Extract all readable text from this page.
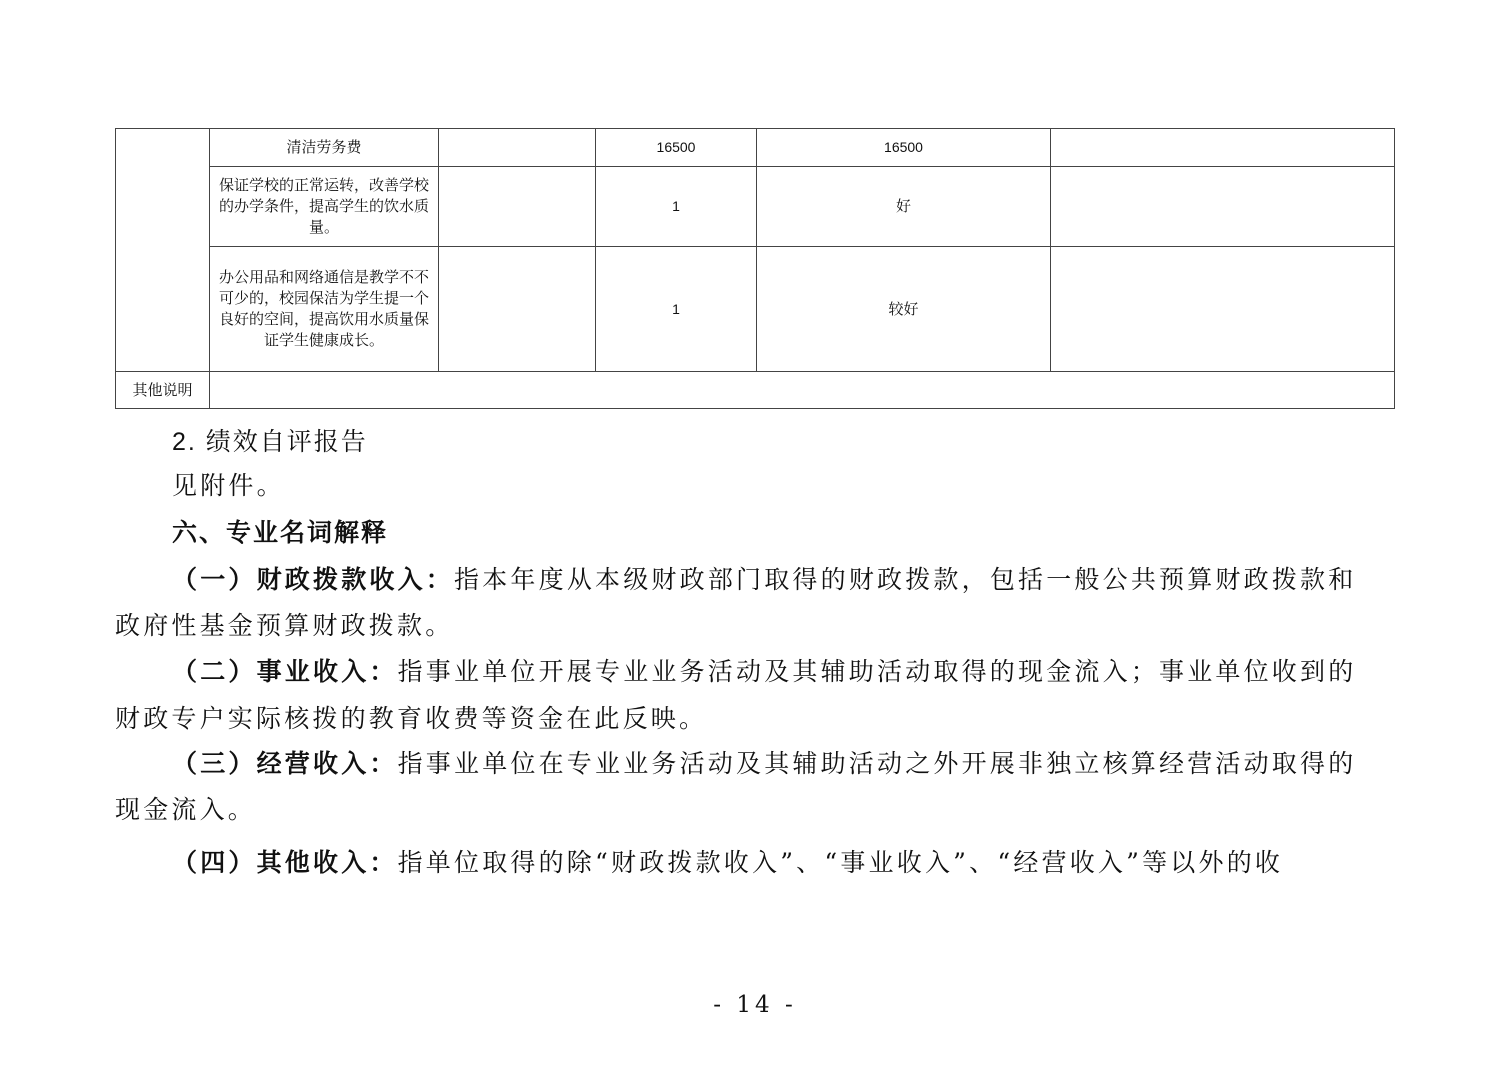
	清洁劳务费		16500	16500	
	保证学校的正常运转，改善学校的办学条件，提高学生的饮水质量。		1	好	
	办公用品和网络通信是教学不不可少的，校园保洁为学生提一个良好的空间，提高饮用水质量保证学生健康成长。		1	较好	
其他说明					
2. 绩效自评报告
见附件。
六、专业名词解释
（一）财政拨款收入：指本年度从本级财政部门取得的财政拨款，包括一般公共预算财政拨款和
政府性基金预算财政拨款。
（二）事业收入：指事业单位开展专业业务活动及其辅助活动取得的现金流入；事业单位收到的
财政专户实际核拨的教育收费等资金在此反映。
（三）经营收入：指事业单位在专业业务活动及其辅助活动之外开展非独立核算经营活动取得的
现金流入。
（四）其他收入：指单位取得的除“财政拨款收入”、“事业收入”、“经营收入”等以外的收
- 14 -
